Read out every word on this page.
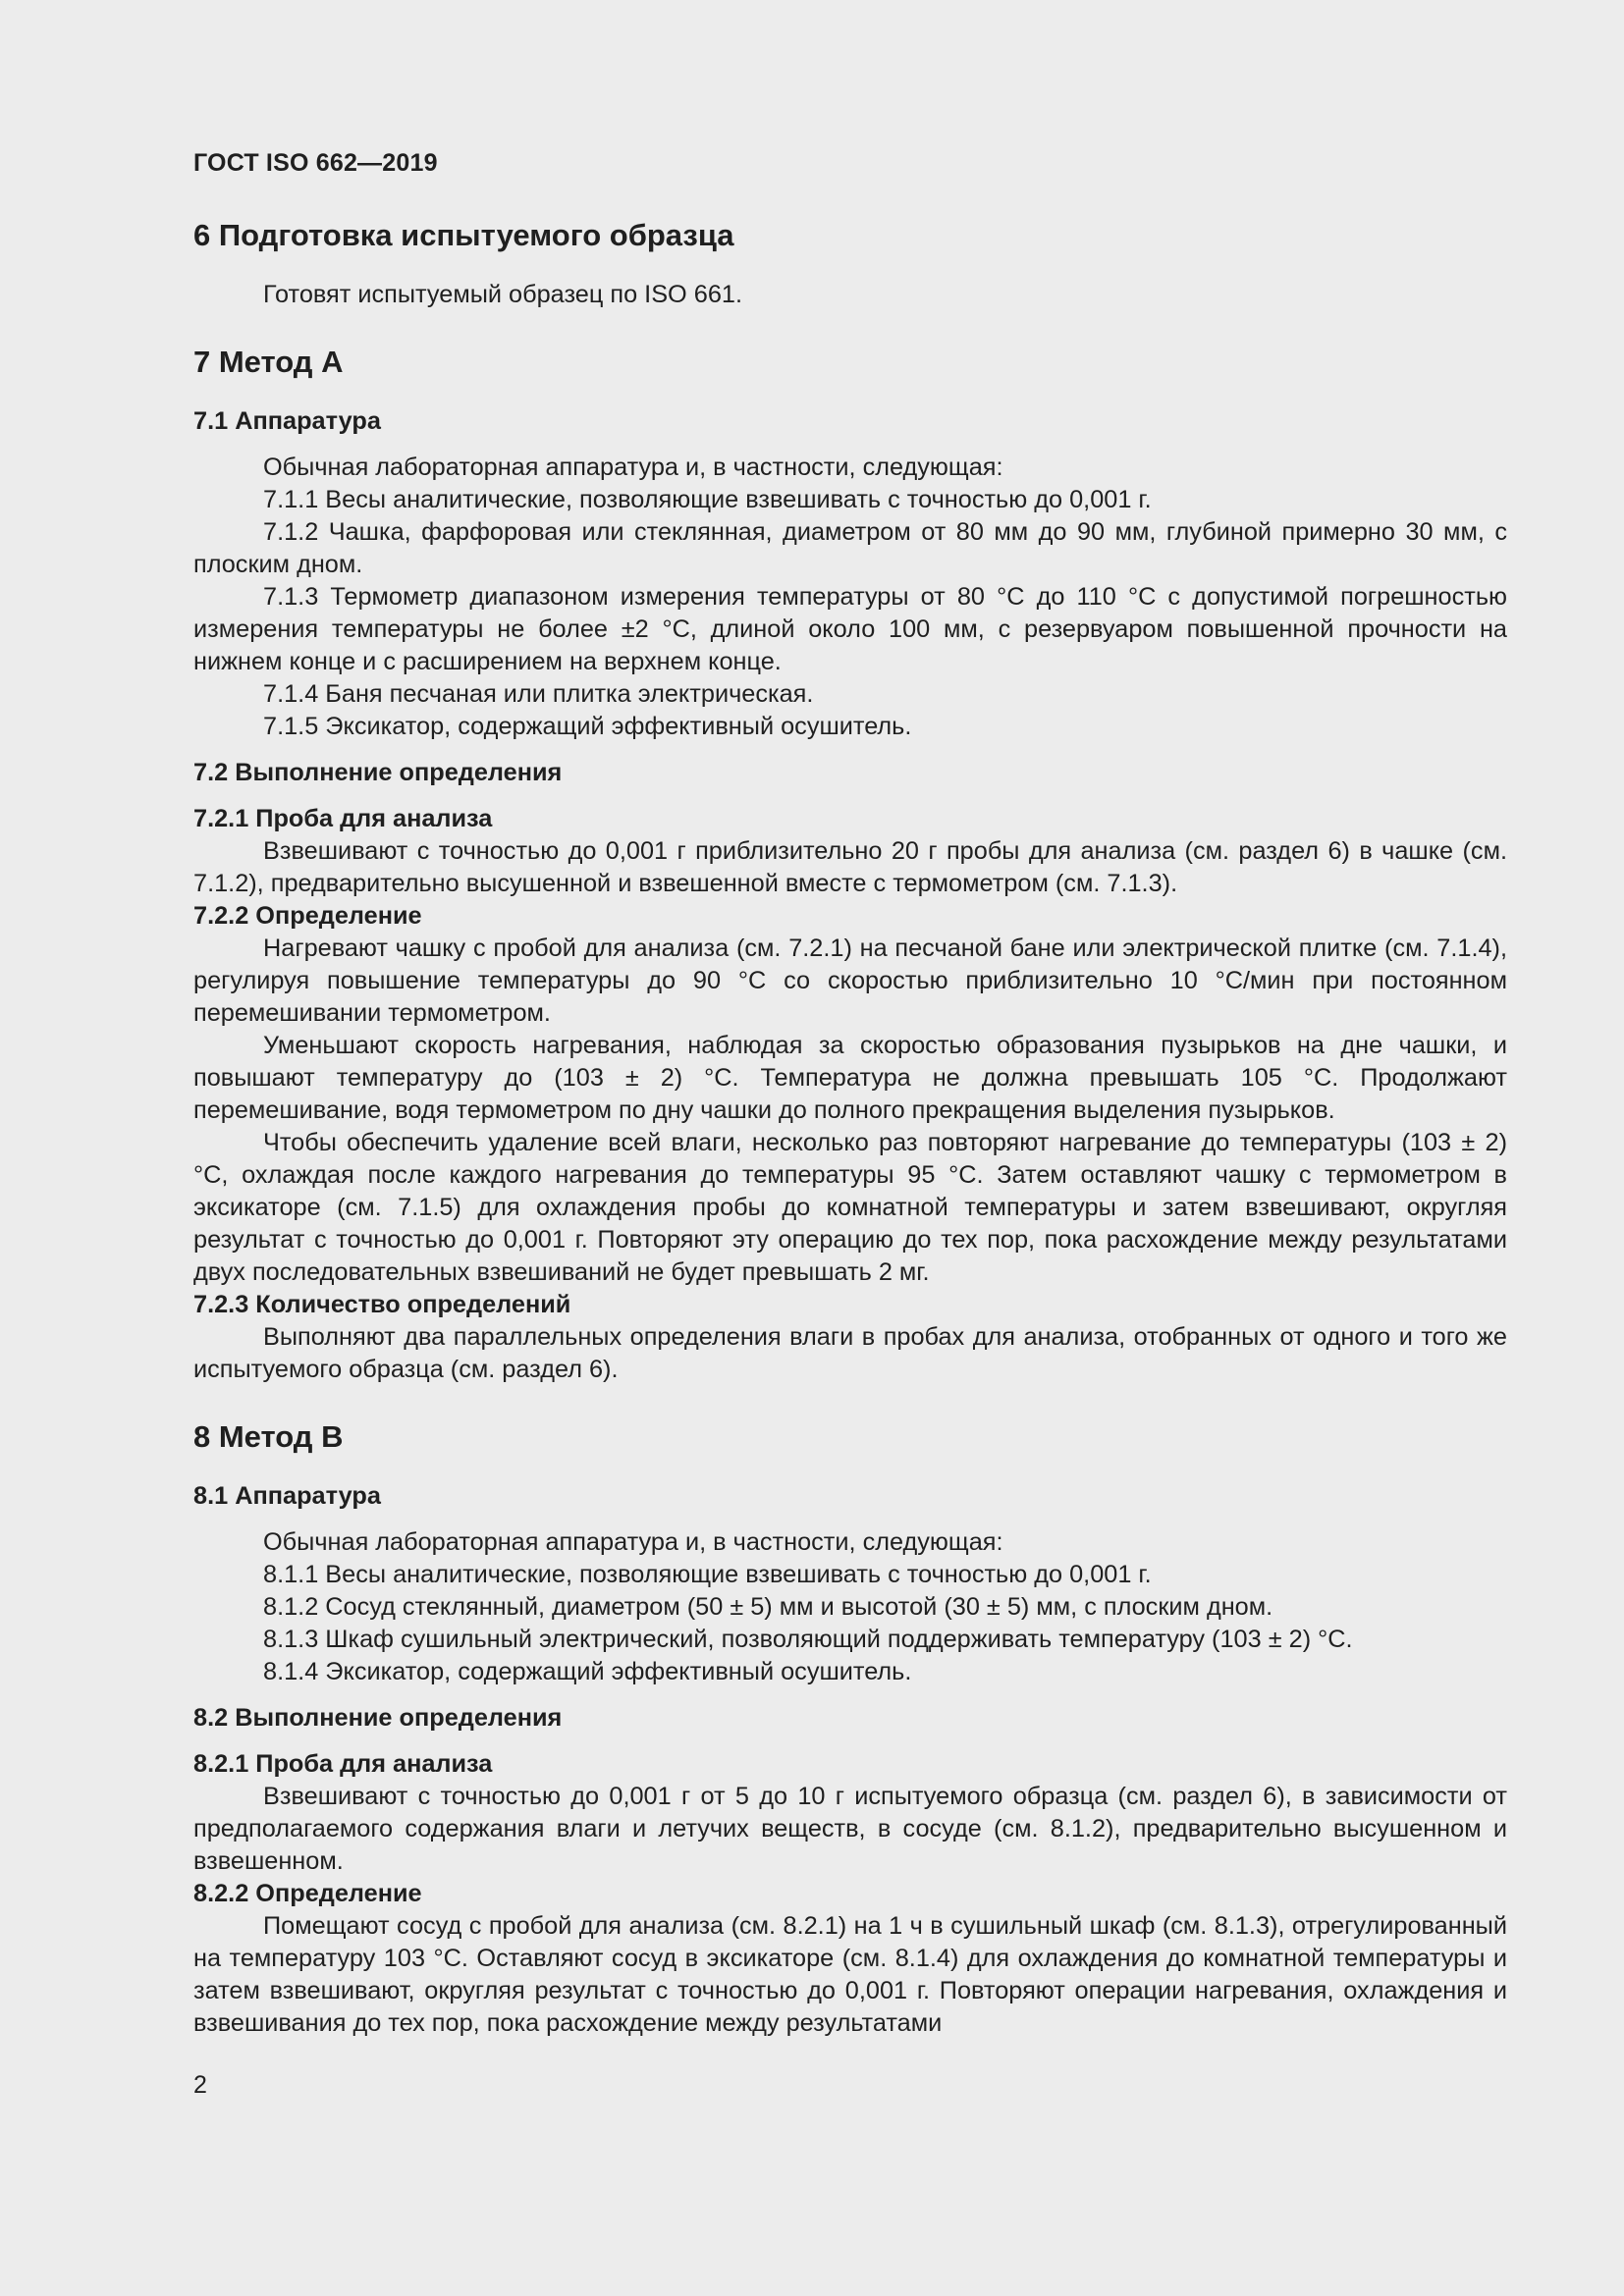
ГОСТ ISO 662—2019

6 Подготовка испытуемого образца

Готовят испытуемый образец по ISO 661.

7 Метод А

7.1 Аппаратура

Обычная лабораторная аппаратура и, в частности, следующая:

7.1.1 Весы аналитические, позволяющие взвешивать с точностью до 0,001 г.

7.1.2 Чашка, фарфоровая или стеклянная, диаметром от 80 мм до 90 мм, глубиной примерно 30 мм, с плоским дном.

7.1.3 Термометр диапазоном измерения температуры от 80 °С до 110 °С с допустимой погрешностью измерения температуры не более ±2 °С, длиной около 100 мм, с резервуаром повышенной прочности на нижнем конце и с расширением на верхнем конце.

7.1.4 Баня песчаная или плитка электрическая.

7.1.5 Эксикатор, содержащий эффективный осушитель.

7.2 Выполнение определения

7.2.1 Проба для анализа

Взвешивают с точностью до 0,001 г приблизительно 20 г пробы для анализа (см. раздел 6) в чашке (см. 7.1.2), предварительно высушенной и взвешенной вместе с термометром (см. 7.1.3).

7.2.2 Определение

Нагревают чашку с пробой для анализа (см. 7.2.1) на песчаной бане или электрической плитке (см. 7.1.4), регулируя повышение температуры до 90 °С со скоростью приблизительно 10 °С/мин при постоянном перемешивании термометром.

Уменьшают скорость нагревания, наблюдая за скоростью образования пузырьков на дне чашки, и повышают температуру до (103 ± 2) °С. Температура не должна превышать 105 °С. Продолжают перемешивание, водя термометром по дну чашки до полного прекращения выделения пузырьков.

Чтобы обеспечить удаление всей влаги, несколько раз повторяют нагревание до температуры (103 ± 2) °С, охлаждая после каждого нагревания до температуры 95 °С. Затем оставляют чашку с термометром в эксикаторе (см. 7.1.5) для охлаждения пробы до комнатной температуры и затем взвешивают, округляя результат с точностью до 0,001 г. Повторяют эту операцию до тех пор, пока расхождение между результатами двух последовательных взвешиваний не будет превышать 2 мг.

7.2.3 Количество определений

Выполняют два параллельных определения влаги в пробах для анализа, отобранных от одного и того же испытуемого образца (см. раздел 6).

8 Метод В

8.1 Аппаратура

Обычная лабораторная аппаратура и, в частности, следующая:

8.1.1 Весы аналитические, позволяющие взвешивать с точностью до 0,001 г.

8.1.2 Сосуд стеклянный, диаметром (50 ± 5) мм и высотой (30 ± 5) мм, с плоским дном.

8.1.3 Шкаф сушильный электрический, позволяющий поддерживать температуру (103 ± 2) °С.

8.1.4 Эксикатор, содержащий эффективный осушитель.

8.2 Выполнение определения

8.2.1 Проба для анализа

Взвешивают с точностью до 0,001 г от 5 до 10 г испытуемого образца (см. раздел 6), в зависимости от предполагаемого содержания влаги и летучих веществ, в сосуде (см. 8.1.2), предварительно высушенном и взвешенном.

8.2.2 Определение

Помещают сосуд с пробой для анализа (см. 8.2.1) на 1 ч в сушильный шкаф (см. 8.1.3), отрегулированный на температуру 103 °С. Оставляют сосуд в эксикаторе (см. 8.1.4) для охлаждения до комнатной температуры и затем взвешивают, округляя результат с точностью до 0,001 г. Повторяют операции нагревания, охлаждения и взвешивания до тех пор, пока расхождение между результатами

2
